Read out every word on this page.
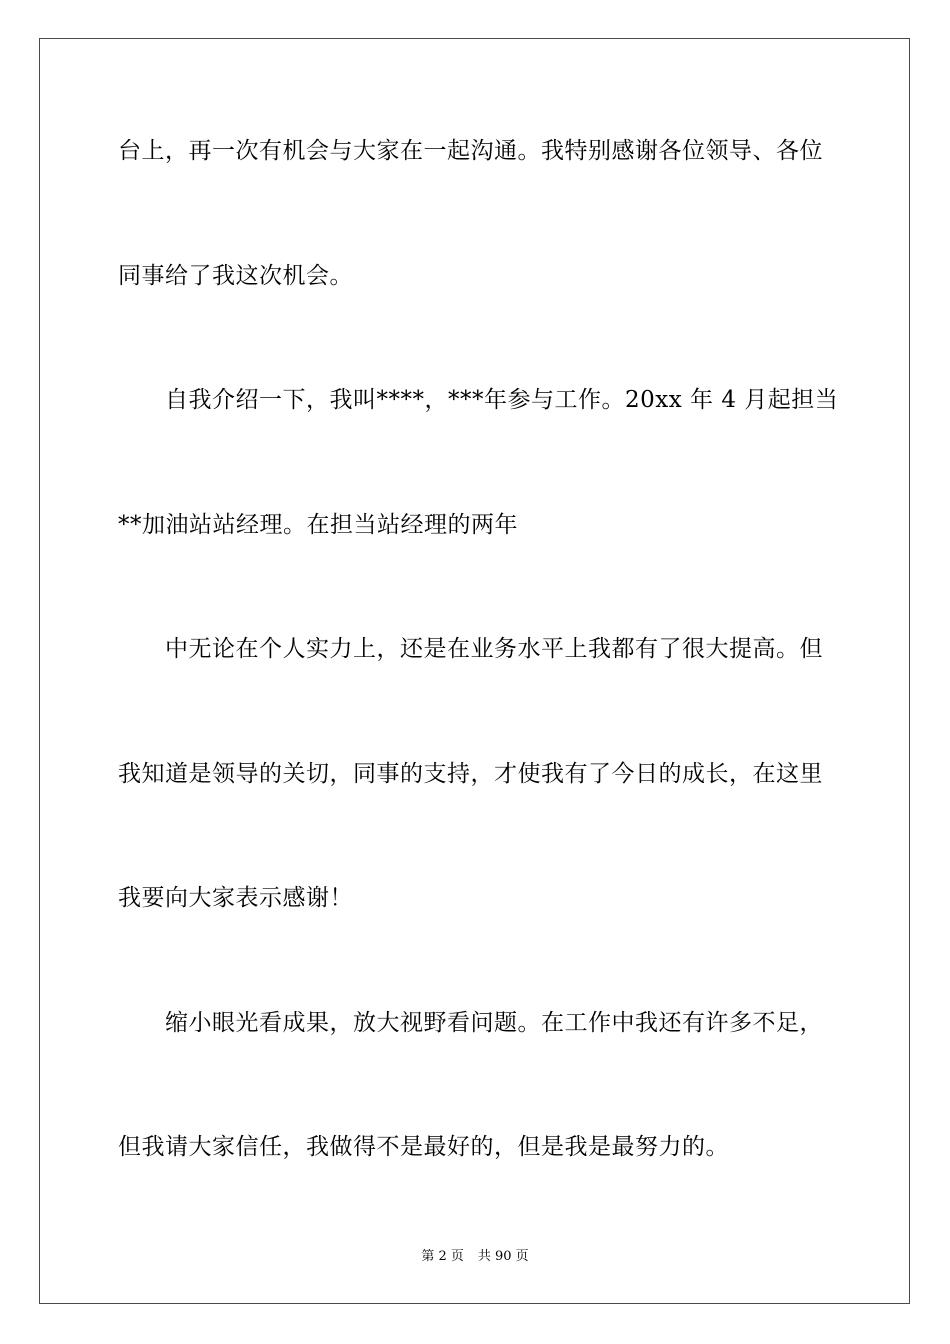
台上，再一次有机会与大家在一起沟通。我特别感谢各位领导、各位
同事给了我这次机会。
自我介绍一下，我叫****，***年参与工作。20xx 年 4 月起担当
**加油站站经理。在担当站经理的两年
中无论在个人实力上，还是在业务水平上我都有了很大提高。但
我知道是领导的关切，同事的支持，才使我有了今日的成长，在这里
我要向大家表示感谢！
缩小眼光看成果，放大视野看问题。在工作中我还有许多不足，
但我请大家信任，我做得不是最好的，但是我是最努力的。
第 2 页 共 90 页
